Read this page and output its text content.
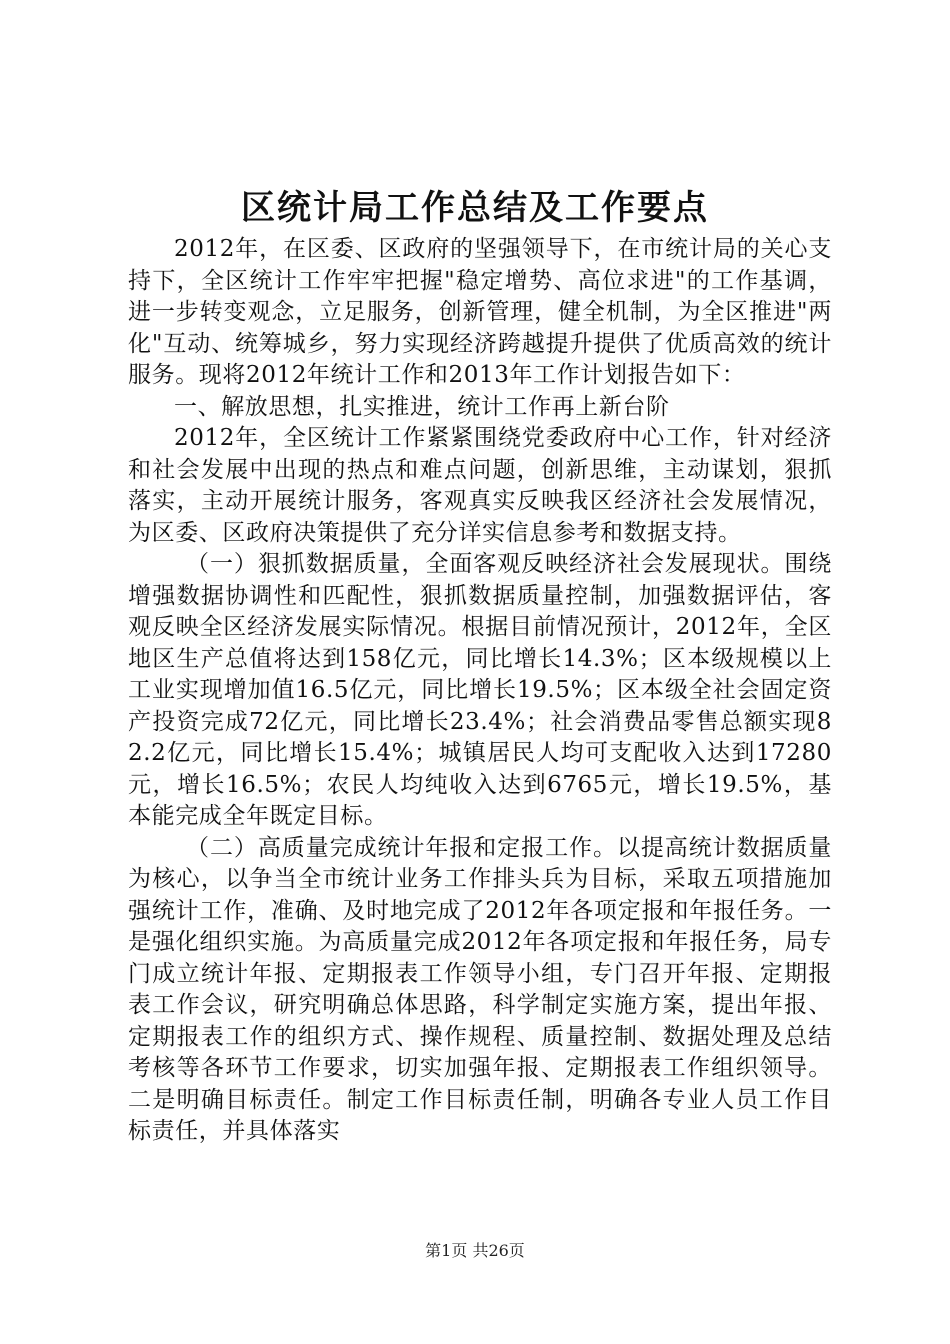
区统计局工作总结及工作要点

2012年，在区委、区政府的坚强领导下，在市统计局的关心支持下，全区统计工作牢牢把握"稳定增势、高位求进"的工作基调，进一步转变观念，立足服务，创新管理，健全机制，为全区推进"两化"互动、统筹城乡，努力实现经济跨越提升提供了优质高效的统计服务。现将2012年统计工作和2013年工作计划报告如下：

一、解放思想，扎实推进，统计工作再上新台阶

2012年，全区统计工作紧紧围绕党委政府中心工作，针对经济和社会发展中出现的热点和难点问题，创新思维，主动谋划，狠抓落实，主动开展统计服务，客观真实反映我区经济社会发展情况，为区委、区政府决策提供了充分详实信息参考和数据支持。

（一）狠抓数据质量，全面客观反映经济社会发展现状。围绕增强数据协调性和匹配性，狠抓数据质量控制，加强数据评估，客观反映全区经济发展实际情况。根据目前情况预计，2012年，全区地区生产总值将达到158亿元，同比增长14.3%；区本级规模以上工业实现增加值16.5亿元，同比增长19.5%；区本级全社会固定资产投资完成72亿元，同比增长23.4%；社会消费品零售总额实现82.2亿元，同比增长15.4%；城镇居民人均可支配收入达到17280元，增长16.5%；农民人均纯收入达到6765元，增长19.5%，基本能完成全年既定目标。

（二）高质量完成统计年报和定报工作。以提高统计数据质量为核心，以争当全市统计业务工作排头兵为目标，采取五项措施加强统计工作，准确、及时地完成了2012年各项定报和年报任务。一是强化组织实施。为高质量完成2012年各项定报和年报任务，局专门成立统计年报、定期报表工作领导小组，专门召开年报、定期报表工作会议，研究明确总体思路，科学制定实施方案，提出年报、定期报表工作的组织方式、操作规程、质量控制、数据处理及总结考核等各环节工作要求，切实加强年报、定期报表工作组织领导。二是明确目标责任。制定工作目标责任制，明确各专业人员工作目标责任，并具体落实

第1页 共26页
